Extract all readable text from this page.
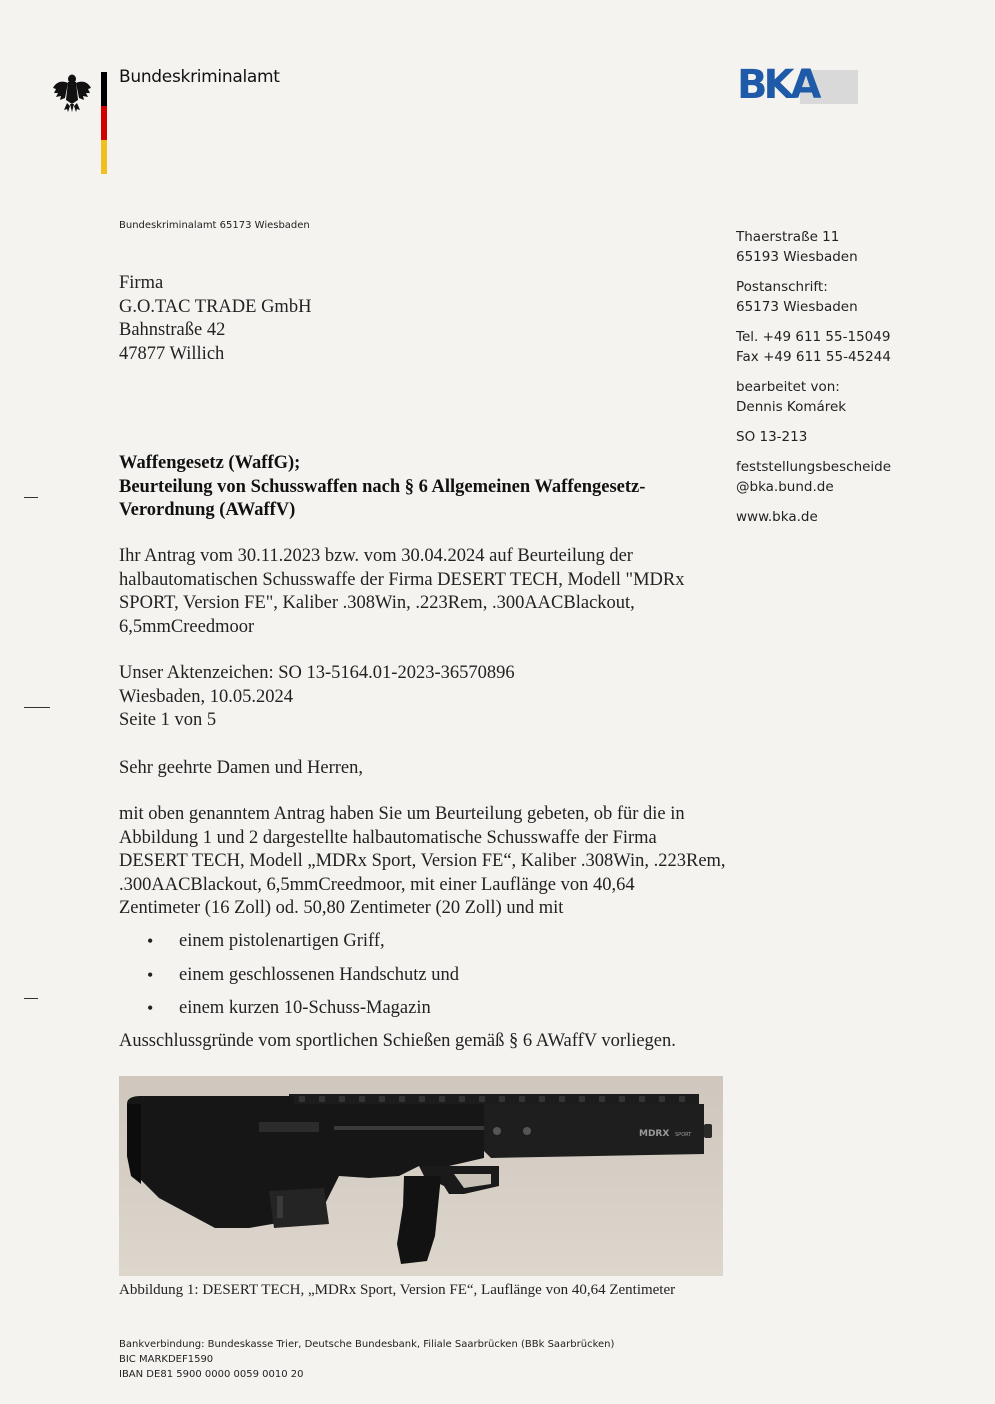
Bundeskriminalamt	BKA
Bundeskriminalamt 65173 Wiesbaden
Firma
G.O.TAC TRADE GmbH
Bahnstraße 42
47877 Willich
Thaerstraße 11
65193 Wiesbaden
Postanschrift:
65173 Wiesbaden
Tel. +49 611 55-15049
Fax +49 611 55-45244
bearbeitet von:
Dennis Komárek
SO 13-213
feststellungsbescheide
@bka.bund.de
www.bka.de
Waffengesetz (WaffG);
Beurteilung von Schusswaffen nach § 6 Allgemeinen Waffengesetz-
Verordnung (AWaffV)
Ihr Antrag vom 30.11.2023 bzw. vom 30.04.2024 auf Beurteilung der
halbautomatischen Schusswaffe der Firma DESERT TECH, Modell "MDRx
SPORT, Version FE", Kaliber .308Win, .223Rem, .300AACBlackout,
6,5mmCreedmoor
Unser Aktenzeichen: SO 13-5164.01-2023-36570896
Wiesbaden, 10.05.2024
Seite 1 von 5
Sehr geehrte Damen und Herren,
mit oben genanntem Antrag haben Sie um Beurteilung gebeten, ob für die in
Abbildung 1 und 2 dargestellte halbautomatische Schusswaffe der Firma
DESERT TECH, Modell „MDRx Sport, Version FE“, Kaliber .308Win, .223Rem,
.300AACBlackout, 6,5mmCreedmoor, mit einer Lauflänge von 40,64
Zentimeter (16 Zoll) od. 50,80 Zentimeter (20 Zoll) und mit
• einem pistolenartigen Griff,
• einem geschlossenen Handschutz und
• einem kurzen 10-Schuss-Magazin
Ausschlussgründe vom sportlichen Schießen gemäß § 6 AWaffV vorliegen.
MDRX SPORT
Abbildung 1: DESERT TECH, „MDRx Sport, Version FE“, Lauflänge von 40,64 Zentimeter
Bankverbindung: Bundeskasse Trier, Deutsche Bundesbank, Filiale Saarbrücken (BBk Saarbrücken)
BIC MARKDEF1590
IBAN DE81 5900 0000 0059 0010 20
